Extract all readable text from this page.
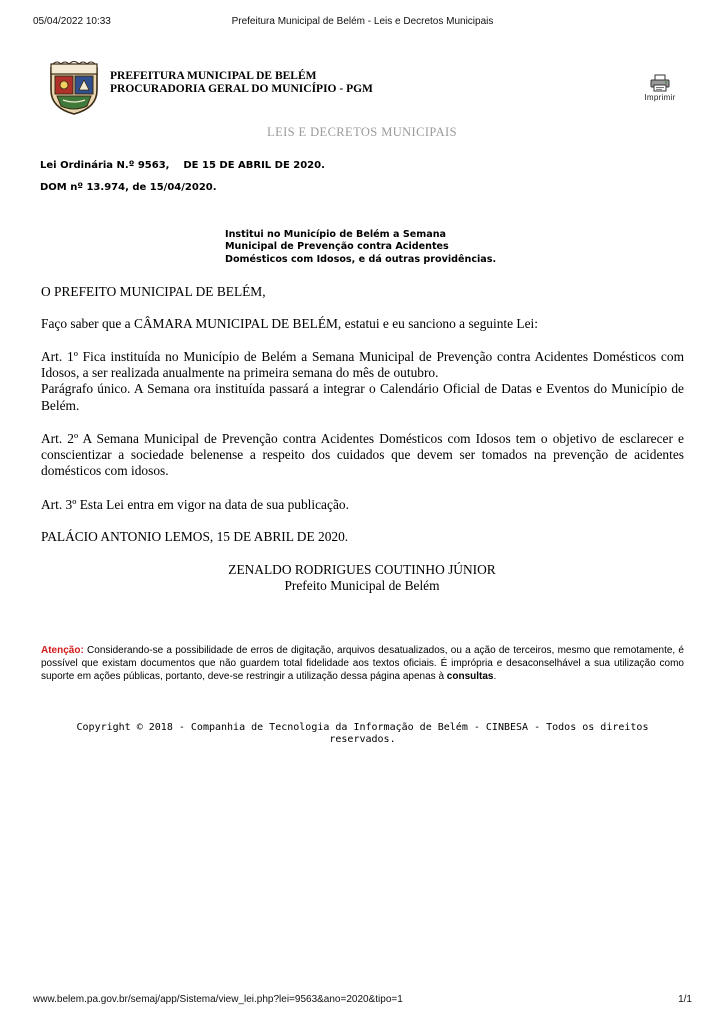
05/04/2022 10:33	Prefeitura Municipal de Belém - Leis e Decretos Municipais
PREFEITURA MUNICIPAL DE BELÉM
PROCURADORIA GERAL DO MUNICÍPIO - PGM
Imprimir
LEIS E DECRETOS MUNICIPAIS
Lei Ordinária N.º 9563,    DE 15 DE ABRIL DE 2020.
DOM nº 13.974, de 15/04/2020.
Institui no Município de Belém a Semana
Municipal de Prevenção contra Acidentes
Domésticos com Idosos, e dá outras providências.

O PREFEITO MUNICIPAL DE BELÉM,

Faço saber que a CÂMARA MUNICIPAL DE BELÉM, estatui e eu sanciono a seguinte Lei:

Art. 1º Fica instituída no Município de Belém a Semana Municipal de Prevenção contra Acidentes Domésticos com Idosos, a ser realizada anualmente na primeira semana do mês de outubro.

Parágrafo único. A Semana ora instituída passará a integrar o Calendário Oficial de Datas e Eventos do Município de Belém.

Art. 2º A Semana Municipal de Prevenção contra Acidentes Domésticos com Idosos tem o objetivo de esclarecer e conscientizar a sociedade belenense a respeito dos cuidados que devem ser tomados na prevenção de acidentes domésticos com idosos.

Art. 3º Esta Lei entra em vigor na data de sua publicação.

PALÁCIO ANTONIO LEMOS, 15 DE ABRIL DE 2020.

ZENALDO RODRIGUES COUTINHO JÚNIOR
Prefeito Municipal de Belém

Atenção: Considerando-se a possibilidade de erros de digitação, arquivos desatualizados, ou a ação de terceiros, mesmo que remotamente, é possível que existam documentos que não guardem total fidelidade aos textos oficiais. É imprópria e desaconselhável a sua utilização como suporte em ações públicas, portanto, deve-se restringir a utilização dessa página apenas à consultas.

Copyright © 2018 - Companhia de Tecnologia da Informação de Belém - CINBESA - Todos os direitos reservados.
www.belem.pa.gov.br/semaj/app/Sistema/view_lei.php?lei=9563&ano=2020&tipo=1	1/1
